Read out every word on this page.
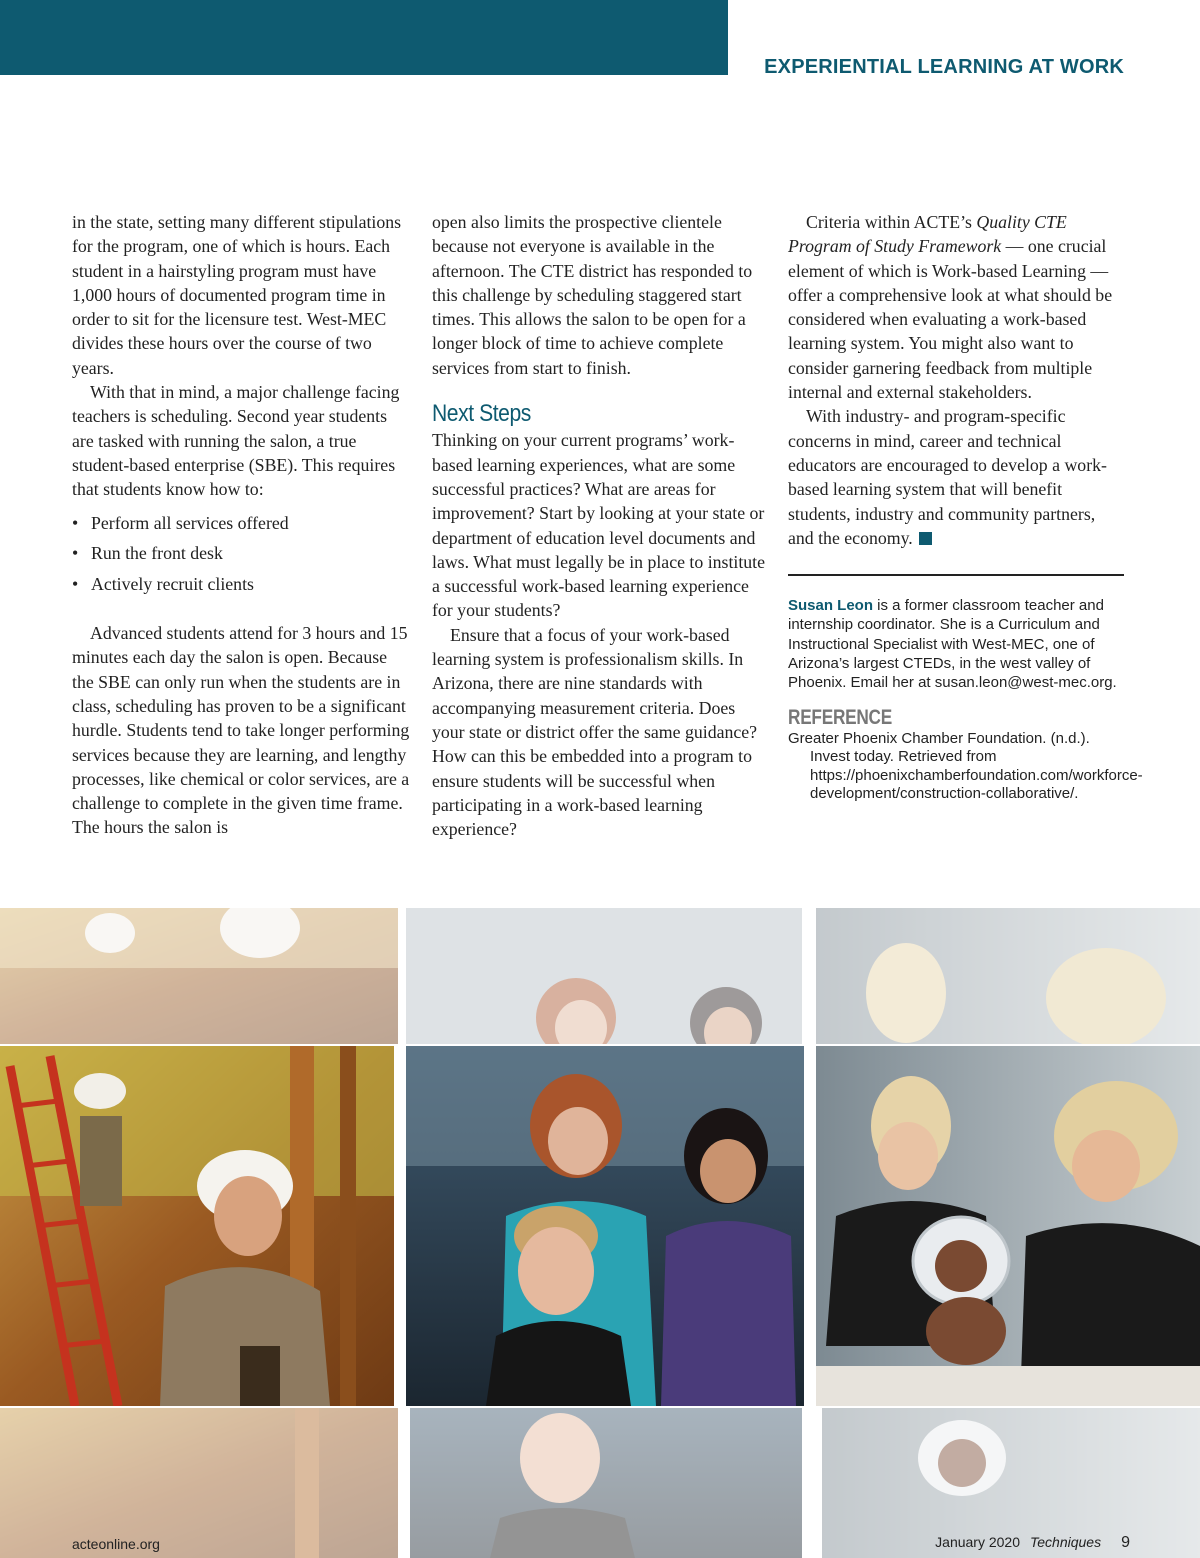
EXPERIENTIAL LEARNING AT WORK

in the state, setting many different stipulations for the program, one of which is hours. Each student in a hairstyling program must have 1,000 hours of documented program time in order to sit for the licensure test. West-MEC divides these hours over the course of two years.

With that in mind, a major challenge facing teachers is scheduling. Second year students are tasked with running the salon, a true student-based enterprise (SBE). This requires that students know how to:

• Perform all services offered
• Run the front desk
• Actively recruit clients

Advanced students attend for 3 hours and 15 minutes each day the salon is open. Because the SBE can only run when the students are in class, scheduling has proven to be a significant hurdle. Students tend to take longer performing services because they are learning, and lengthy processes, like chemical or color services, are a challenge to complete in the given time frame. The hours the salon is

open also limits the prospective clientele because not everyone is available in the afternoon. The CTE district has responded to this challenge by scheduling staggered start times. This allows the salon to be open for a longer block of time to achieve complete services from start to finish.

Next Steps

Thinking on your current programs’ work-based learning experiences, what are some successful practices? What are areas for improvement? Start by looking at your state or department of education level documents and laws. What must legally be in place to institute a successful work-based learning experience for your students?

Ensure that a focus of your work-based learning system is professionalism skills. In Arizona, there are nine standards with accompanying measurement criteria. Does your state or district offer the same guidance? How can this be embedded into a program to ensure students will be successful when participating in a work-based learning experience?

Criteria within ACTE’s Quality CTE Program of Study Framework — one crucial element of which is Work-based Learning — offer a comprehensive look at what should be considered when evaluating a work-based learning system. You might also want to consider garnering feedback from multiple internal and external stakeholders.

With industry- and program-specific concerns in mind, career and technical educators are encouraged to develop a work-based learning system that will benefit students, industry and community partners, and the economy.

Susan Leon is a former classroom teacher and internship coordinator. She is a Curriculum and Instructional Specialist with West-MEC, one of Arizona’s largest CTEDs, in the west valley of Phoenix. Email her at susan.leon@west-mec.org.
REFERENCE
Greater Phoenix Chamber Foundation. (n.d.). Invest today. Retrieved from https://phoenixchamberfoundation.com/workforce-development/construction-collaborative/.
acteonline.org	January 2020 Techniques 9
